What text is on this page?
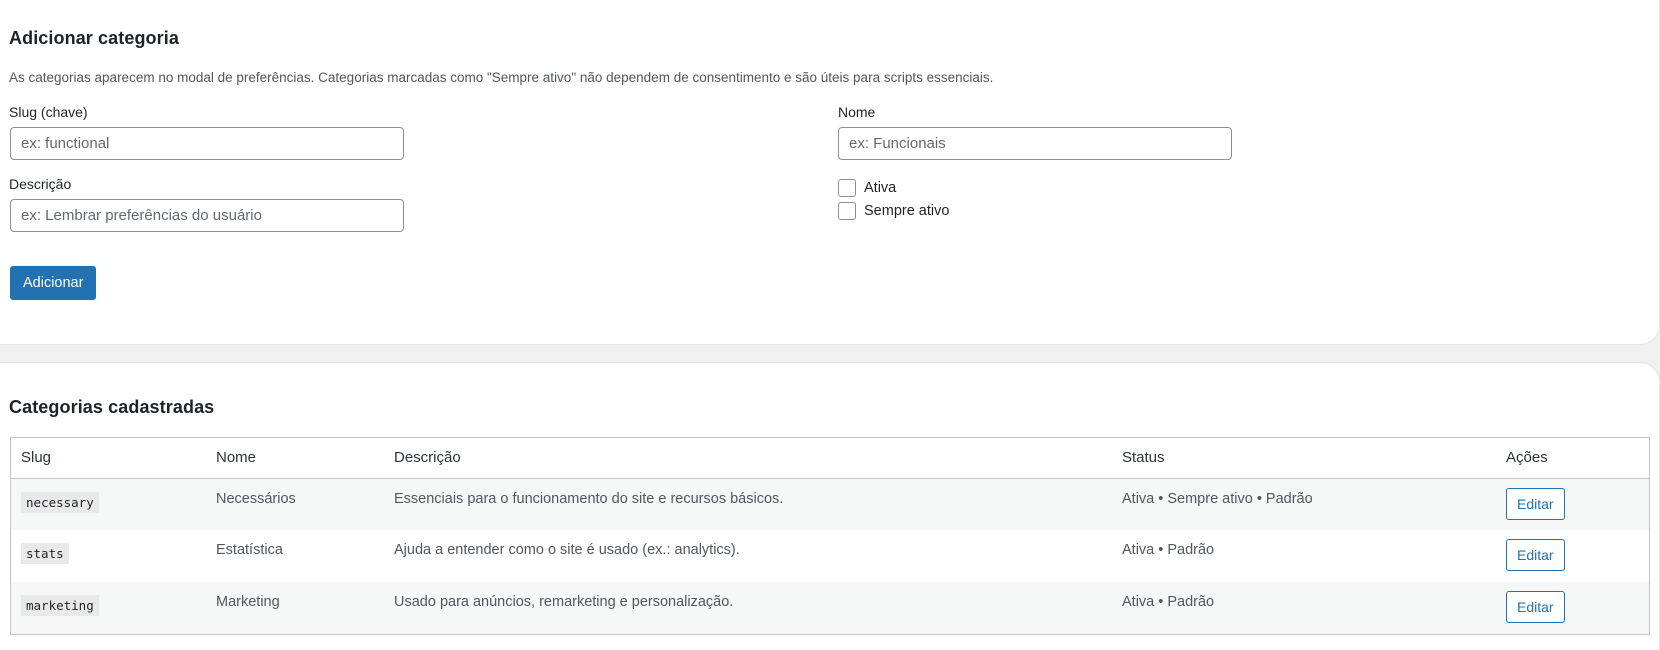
Adicionar categoria

As categorias aparecem no modal de preferências. Categorias marcadas como "Sempre ativo" não dependem de consentimento e são úteis para scripts essenciais.

Slug (chave)
ex: functional	Nome
ex: Funcionais
Descrição
ex: Lembrar preferências do usuário	Ativa
Sempre ativo
Adicionar
Categorias cadastradas
Slug	Nome	Descrição	Status	Ações
necessary	Necessários	Essenciais para o funcionamento do site e recursos básicos.	Ativa • Sempre ativo • Padrão	Editar
stats	Estatística	Ajuda a entender como o site é usado (ex.: analytics).	Ativa • Padrão	Editar
marketing	Marketing	Usado para anúncios, remarketing e personalização.	Ativa • Padrão	Editar
